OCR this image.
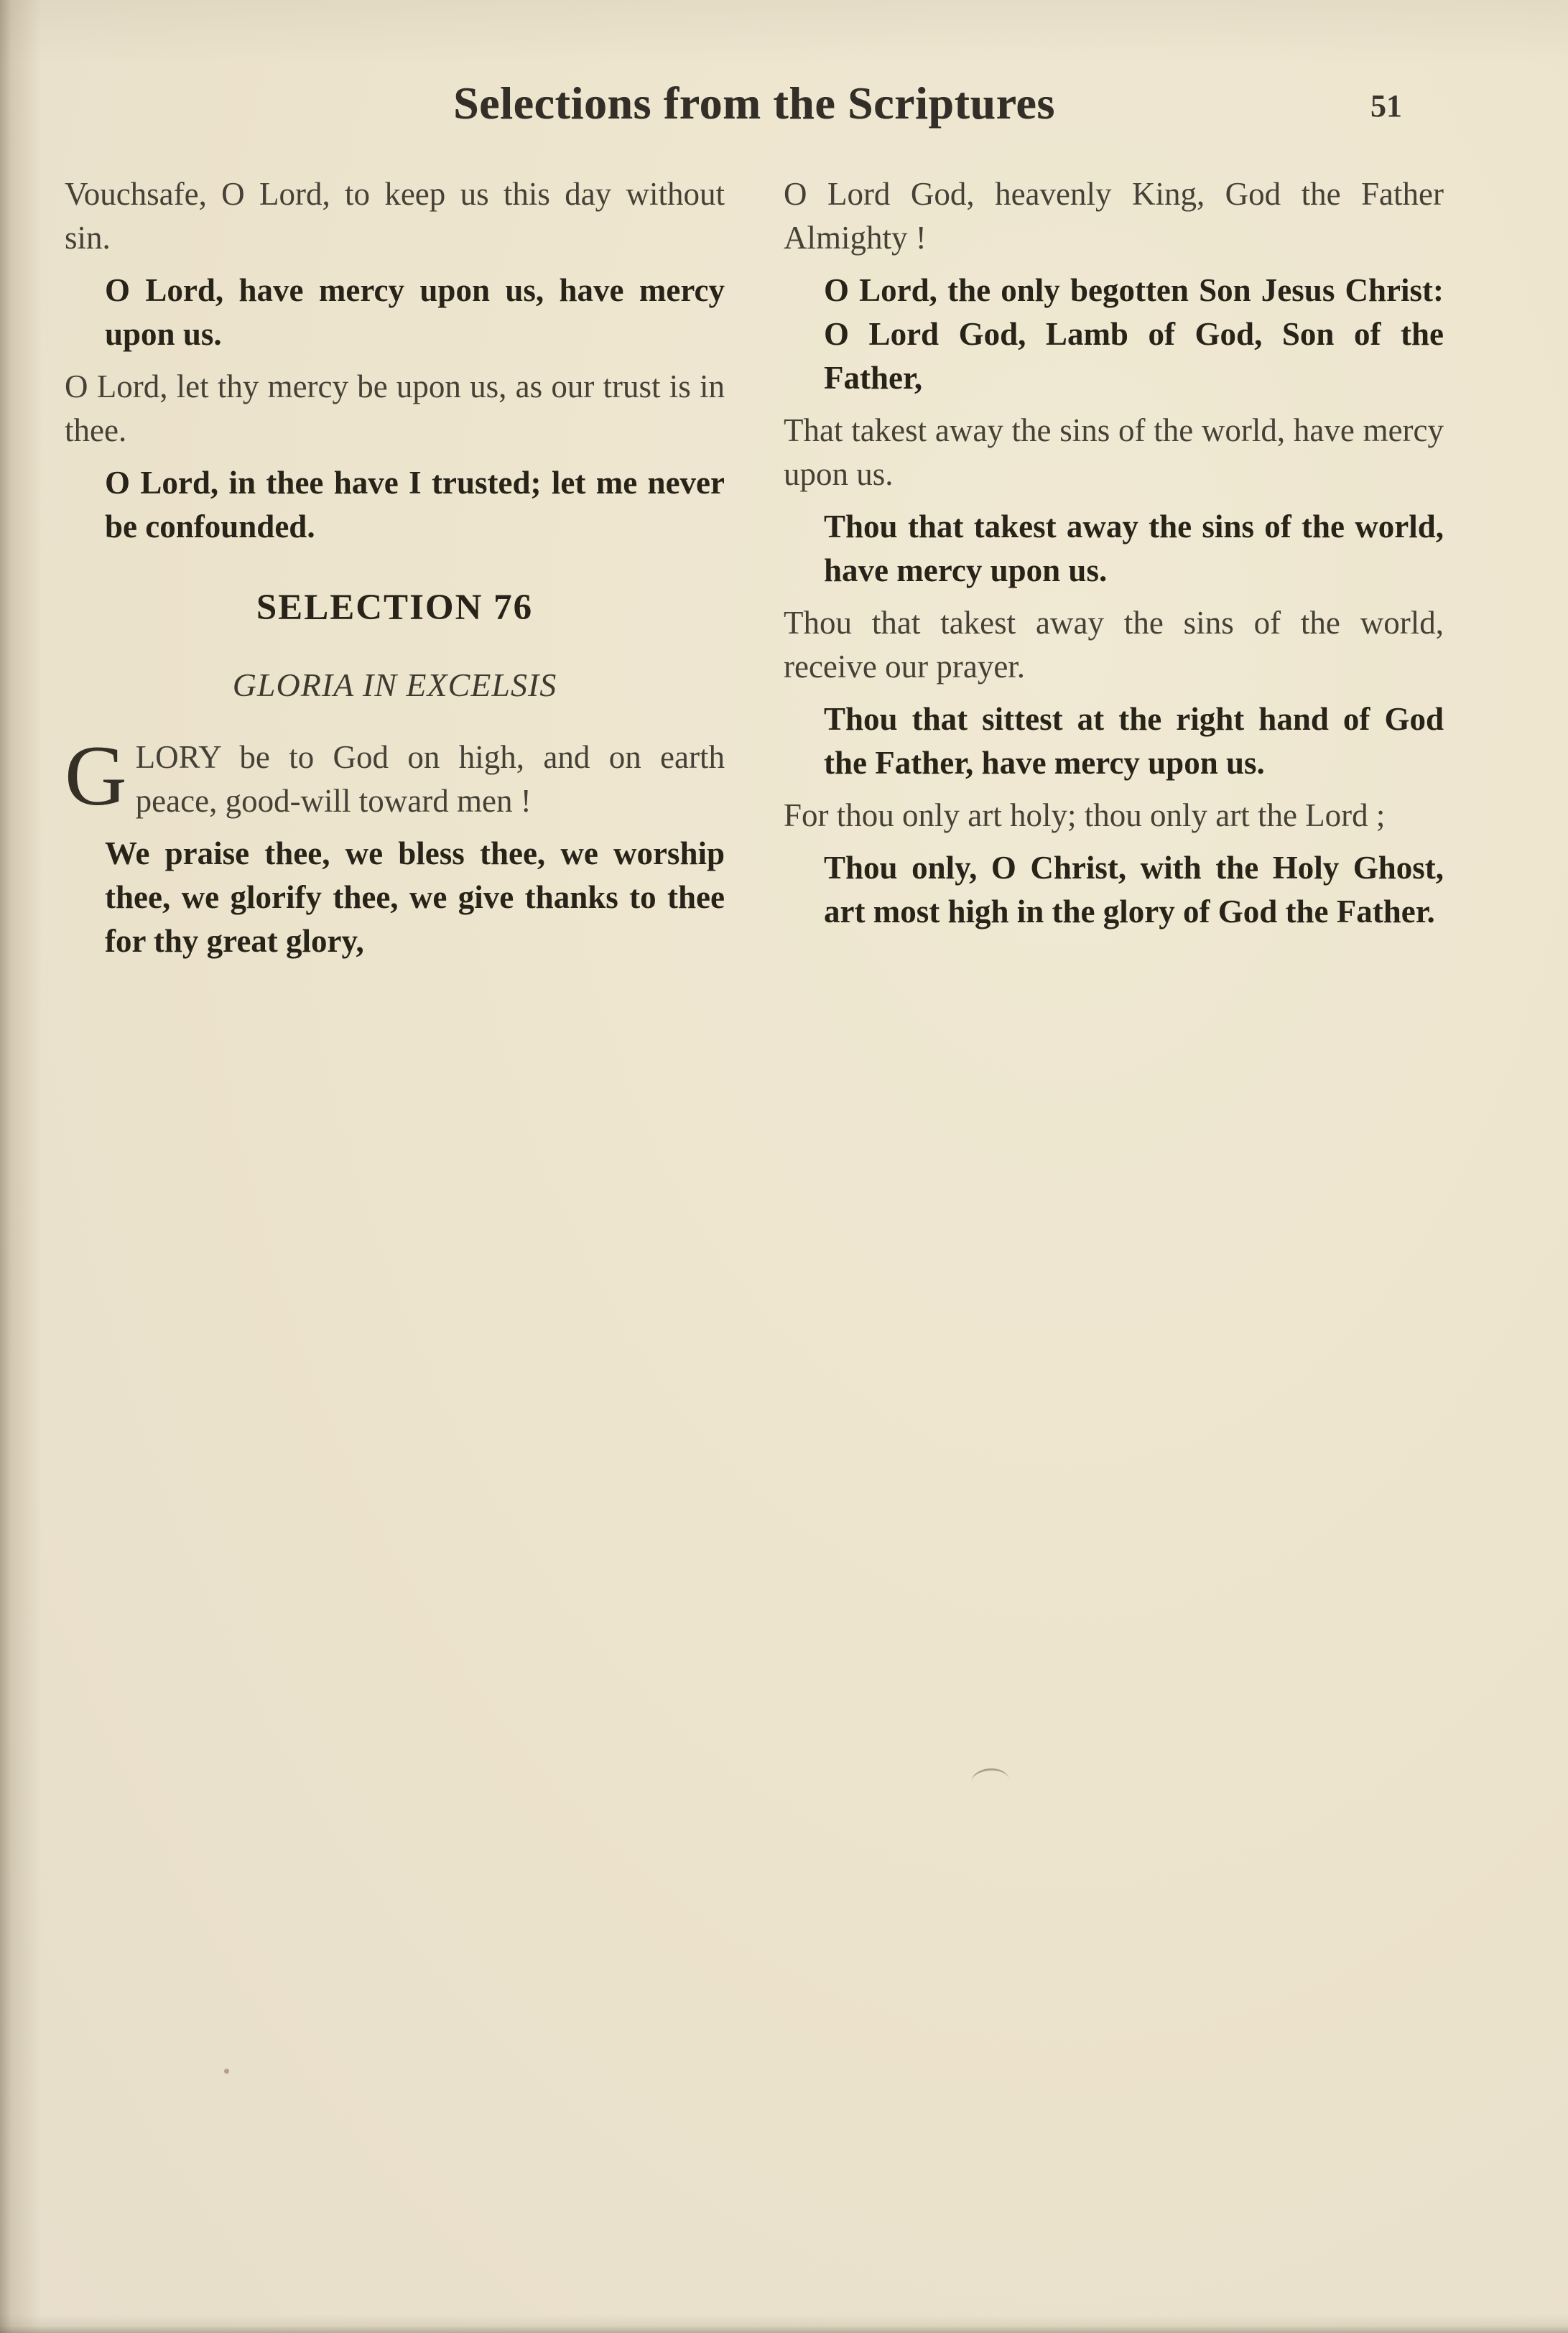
Selections from the Scriptures	51

Vouchsafe, O Lord, to keep us this day without sin.

O Lord, have mercy upon us, have mercy upon us.

O Lord, let thy mercy be upon us, as our trust is in thee.

O Lord, in thee have I trusted; let me never be confounded.

SELECTION 76
GLORIA IN EXCELSIS

GLORY be to God on high, and on earth peace, good-will toward men !

We praise thee, we bless thee, we worship thee, we glorify thee, we give thanks to thee for thy great glory,

O Lord God, heavenly King, God the Father Almighty !

O Lord, the only begotten Son Jesus Christ: O Lord God, Lamb of God, Son of the Father,

That takest away the sins of the world, have mercy upon us.

Thou that takest away the sins of the world, have mercy upon us.

Thou that takest away the sins of the world, receive our prayer.

Thou that sittest at the right hand of God the Father, have mercy upon us.

For thou only art holy; thou only art the Lord ;

Thou only, O Christ, with the Holy Ghost, art most high in the glory of God the Father.
